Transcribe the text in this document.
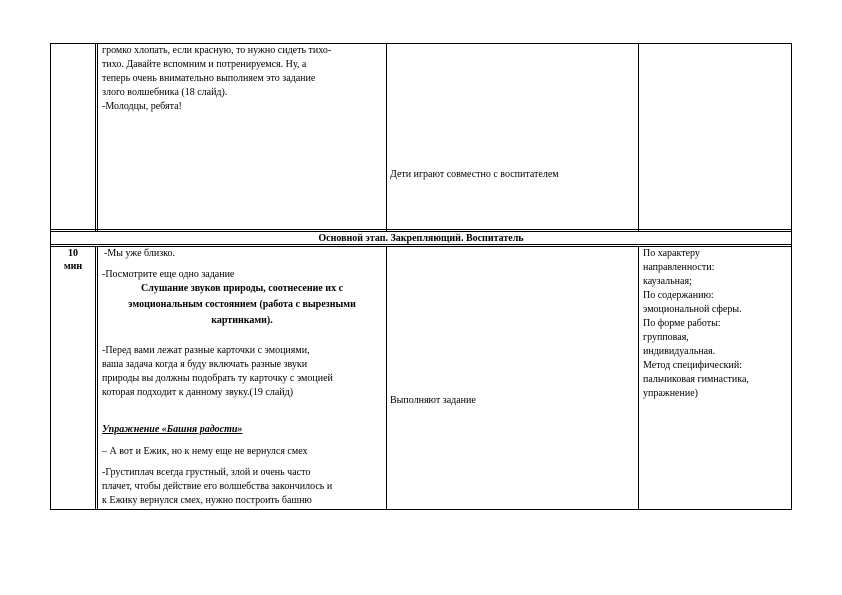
громко хлопать, если красную, то нужно сидеть тихо-
тихо. Давайте вспомним и потренируемся. Ну, а
теперь очень внимательно выполняем это задание
злого волшебника (18 слайд).
-Молодцы, ребята!
Дети играют совместно с воспитателем
Основной этап. Закрепляющий. Воспитатель
10
мин
-Мы уже близко.
-Посмотрите еще одно задание
Слушание звуков природы, соотнесение их с
эмоциональным состоянием (работа с вырезными
картинками).
-Перед вами лежат разные карточки с эмоциями,
ваша задача когда я буду включать разные звуки
природы вы должны подобрать ту карточку с эмоцией
которая подходит к данному звуку.(19 слайд)
Упражнение «Башня радости»
– А вот и Ежик, но к нему еще не вернулся смех
-Грустиплач всегда грустный, злой и очень часто
плачет, чтобы действие его волшебства закончилось и
к Ежику вернулся смех, нужно построить башню
Выполняют задание
По характеру
направленности:
каузальная;
По содержанию:
эмоциональной сферы.
По форме работы:
групповая,
индивидуальная.
Метод специфический:
пальчиковая гимнастика,
упражнение)
